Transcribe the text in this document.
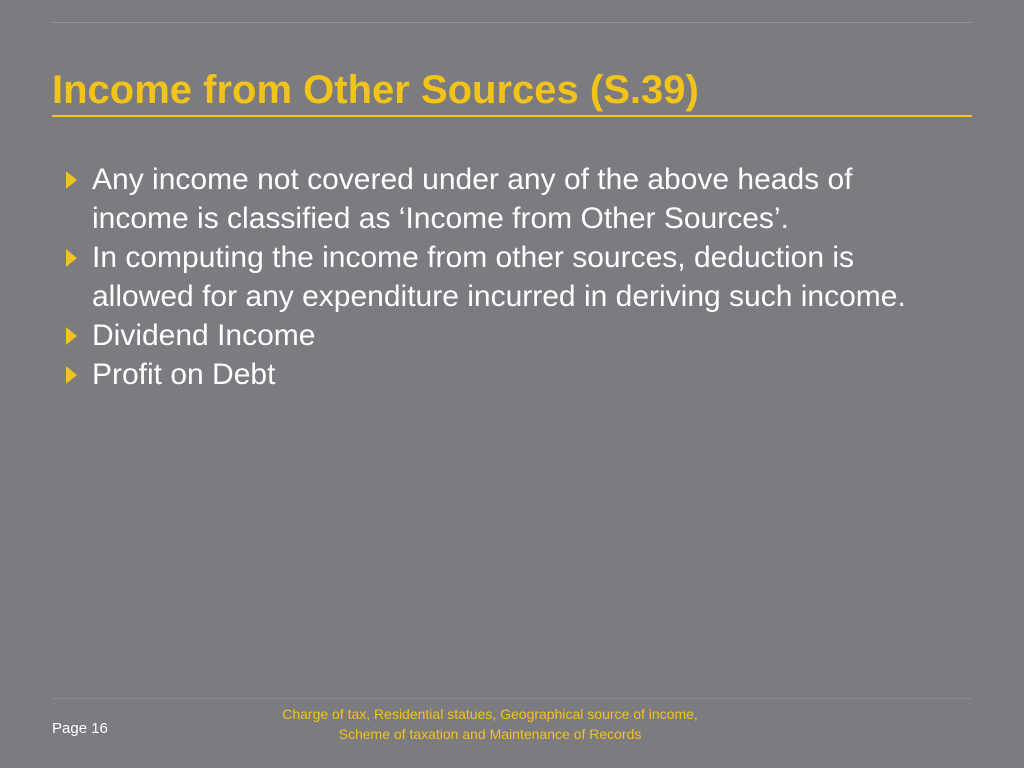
Income from Other Sources (S.39)
Any income not covered under any of the above heads of income is classified as ‘Income from Other Sources’.
In computing the income from other sources, deduction is allowed for any expenditure incurred in deriving such income.
Dividend Income
Profit on Debt
Page 16
Charge of tax, Residential statues, Geographical source of income,
Scheme of taxation and Maintenance of Records
